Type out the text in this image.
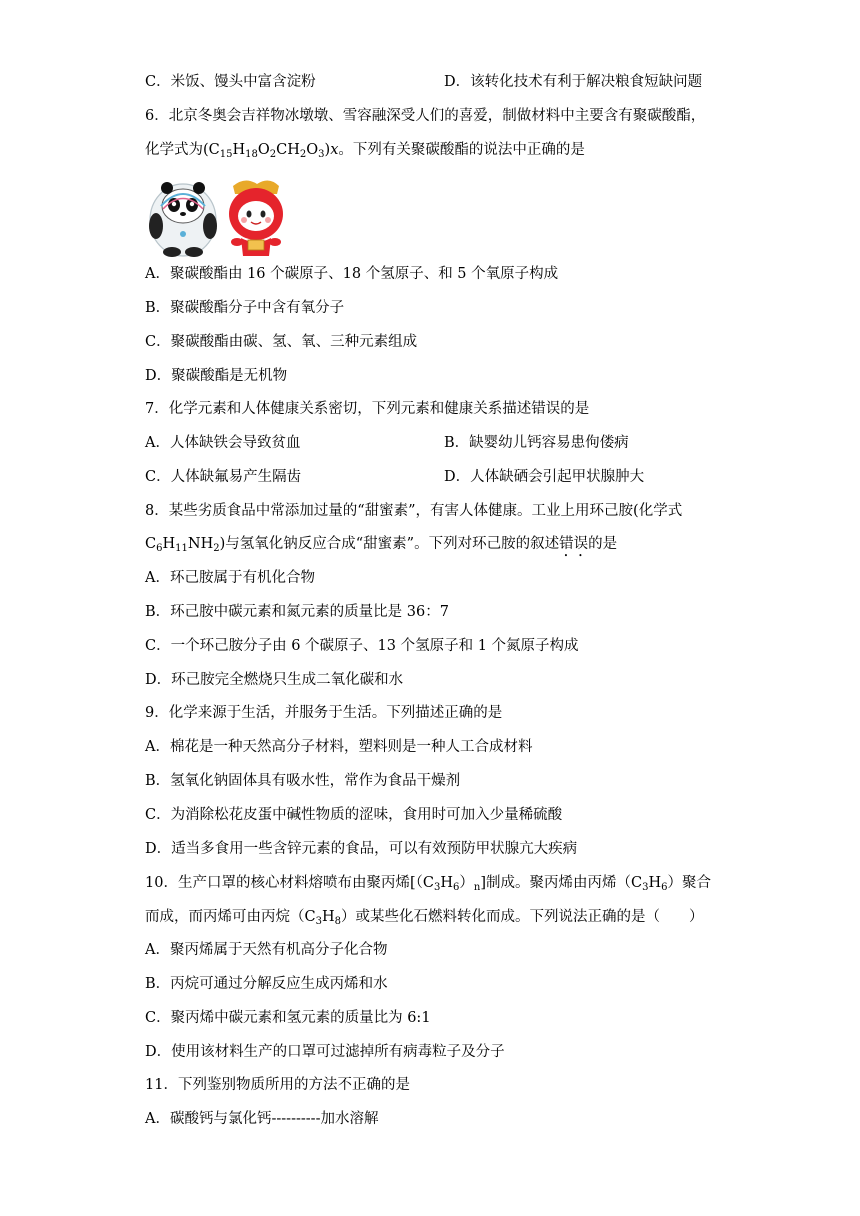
C．米饭、馒头中富含淀粉	D．该转化技术有利于解决粮食短缺问题
6．北京冬奥会吉祥物冰墩墩、雪容融深受人们的喜爱，制做材料中主要含有聚碳酸酯，
化学式为$(C_{15}H_{18}O_2CH_2O_3)x$。下列有关聚碳酸酯的说法中正确的是
A．聚碳酸酯由 16 个碳原子、18 个氢原子、和 5 个氧原子构成
B．聚碳酸酯分子中含有氧分子
C．聚碳酸酯由碳、氢、氧、三种元素组成
D．聚碳酸酯是无机物
7．化学元素和人体健康关系密切，下列元素和健康关系描述错误的是
A．人体缺铁会导致贫血	B．缺婴幼儿钙容易患佝偻病
C．人体缺氟易产生隔齿	D．人体缺硒会引起甲状腺肿大
8．某些劣质食品中常添加过量的“甜蜜素”，有害人体健康。工业上用环己胺(化学式
$C_6H_{11}NH_2$)与氢氧化钠反应合成“甜蜜素”。下列对环己胺的叙述错误的是
A．环己胺属于有机化合物
B．环己胺中碳元素和氮元素的质量比是 36：7
C．一个环己胺分子由 6 个碳原子、13 个氢原子和 1 个氮原子构成
D．环己胺完全燃烧只生成二氧化碳和水
9．化学来源于生活，并服务于生活。下列描述正确的是
A．棉花是一种天然高分子材料，塑料则是一种人工合成材料
B．氢氧化钠固体具有吸水性，常作为食品干燥剂
C．为消除松花皮蛋中碱性物质的涩味，食用时可加入少量稀硫酸
D．适当多食用一些含锌元素的食品，可以有效预防甲状腺亢大疾病
10．生产口罩的核心材料熔喷布由聚丙烯$[(C_3H_6)_n]$制成。聚丙烯由丙烯$(C_3H_6)$聚合
而成，而丙烯可由丙烷$(C_3H_8)$或某些化石燃料转化而成。下列说法正确的是（　　）
A．聚丙烯属于天然有机高分子化合物
B．丙烷可通过分解反应生成丙烯和水
C．聚丙烯中碳元素和氢元素的质量比为 6:1
D．使用该材料生产的口罩可过滤掉所有病毒粒子及分子
11．下列鉴别物质所用的方法不正确的是
A．碳酸钙与氯化钙----------加水溶解
